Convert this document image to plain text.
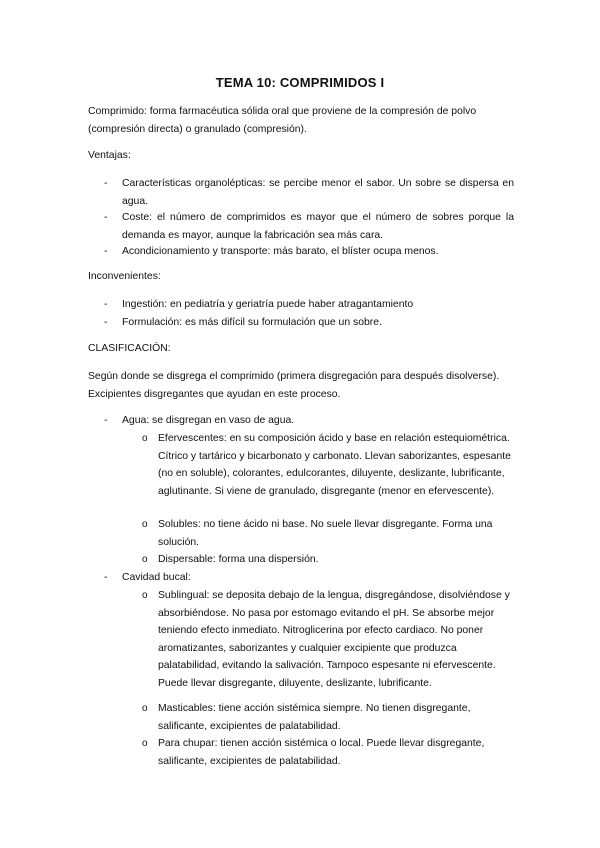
TEMA 10: COMPRIMIDOS I
Comprimido: forma farmacéutica sólida oral que proviene de la compresión de polvo (compresión directa) o granulado (compresión).
Ventajas:
- Características organolépticas: se percibe menor el sabor. Un sobre se dispersa en agua.
- Coste: el número de comprimidos es mayor que el número de sobres porque la demanda es mayor, aunque la fabricación sea más cara.
- Acondicionamiento y transporte: más barato, el blíster ocupa menos.
Inconvenientes:
- Ingestión: en pediatría y geriatría puede haber atragantamiento
- Formulación: es más difícil su formulación que un sobre.
CLASIFICACIÓN:
Según donde se disgrega el comprimido (primera disgregación para después disolverse). Excipientes disgregantes que ayudan en este proceso.
- Agua: se disgregan en vaso de agua.
o Efervescentes: en su composición ácido y base en relación estequiométrica. Cítrico y tartárico y bicarbonato y carbonato. Llevan saborizantes, espesante (no en soluble), colorantes, edulcorantes, diluyente, deslizante, lubrificante, aglutinante. Si viene de granulado, disgregante (menor en efervescente).
o Solubles: no tiene ácido ni base. No suele llevar disgregante. Forma una solución.
o Dispersable: forma una dispersión.
- Cavidad bucal:
o Sublingual: se deposita debajo de la lengua, disgregándose, disolviéndose y absorbiéndose. No pasa por estomago evitando el pH. Se absorbe mejor teniendo efecto inmediato. Nitroglicerina por efecto cardiaco. No poner aromatizantes, saborizantes y cualquier excipiente que produzca palatabilidad, evitando la salivación. Tampoco espesante ni efervescente. Puede llevar disgregante, diluyente, deslizante, lubrificante.
o Masticables: tiene acción sistémica siempre. No tienen disgregante, salificante, excipientes de palatabilidad.
o Para chupar: tienen acción sistémica o local. Puede llevar disgregante, salificante, excipientes de palatabilidad.
